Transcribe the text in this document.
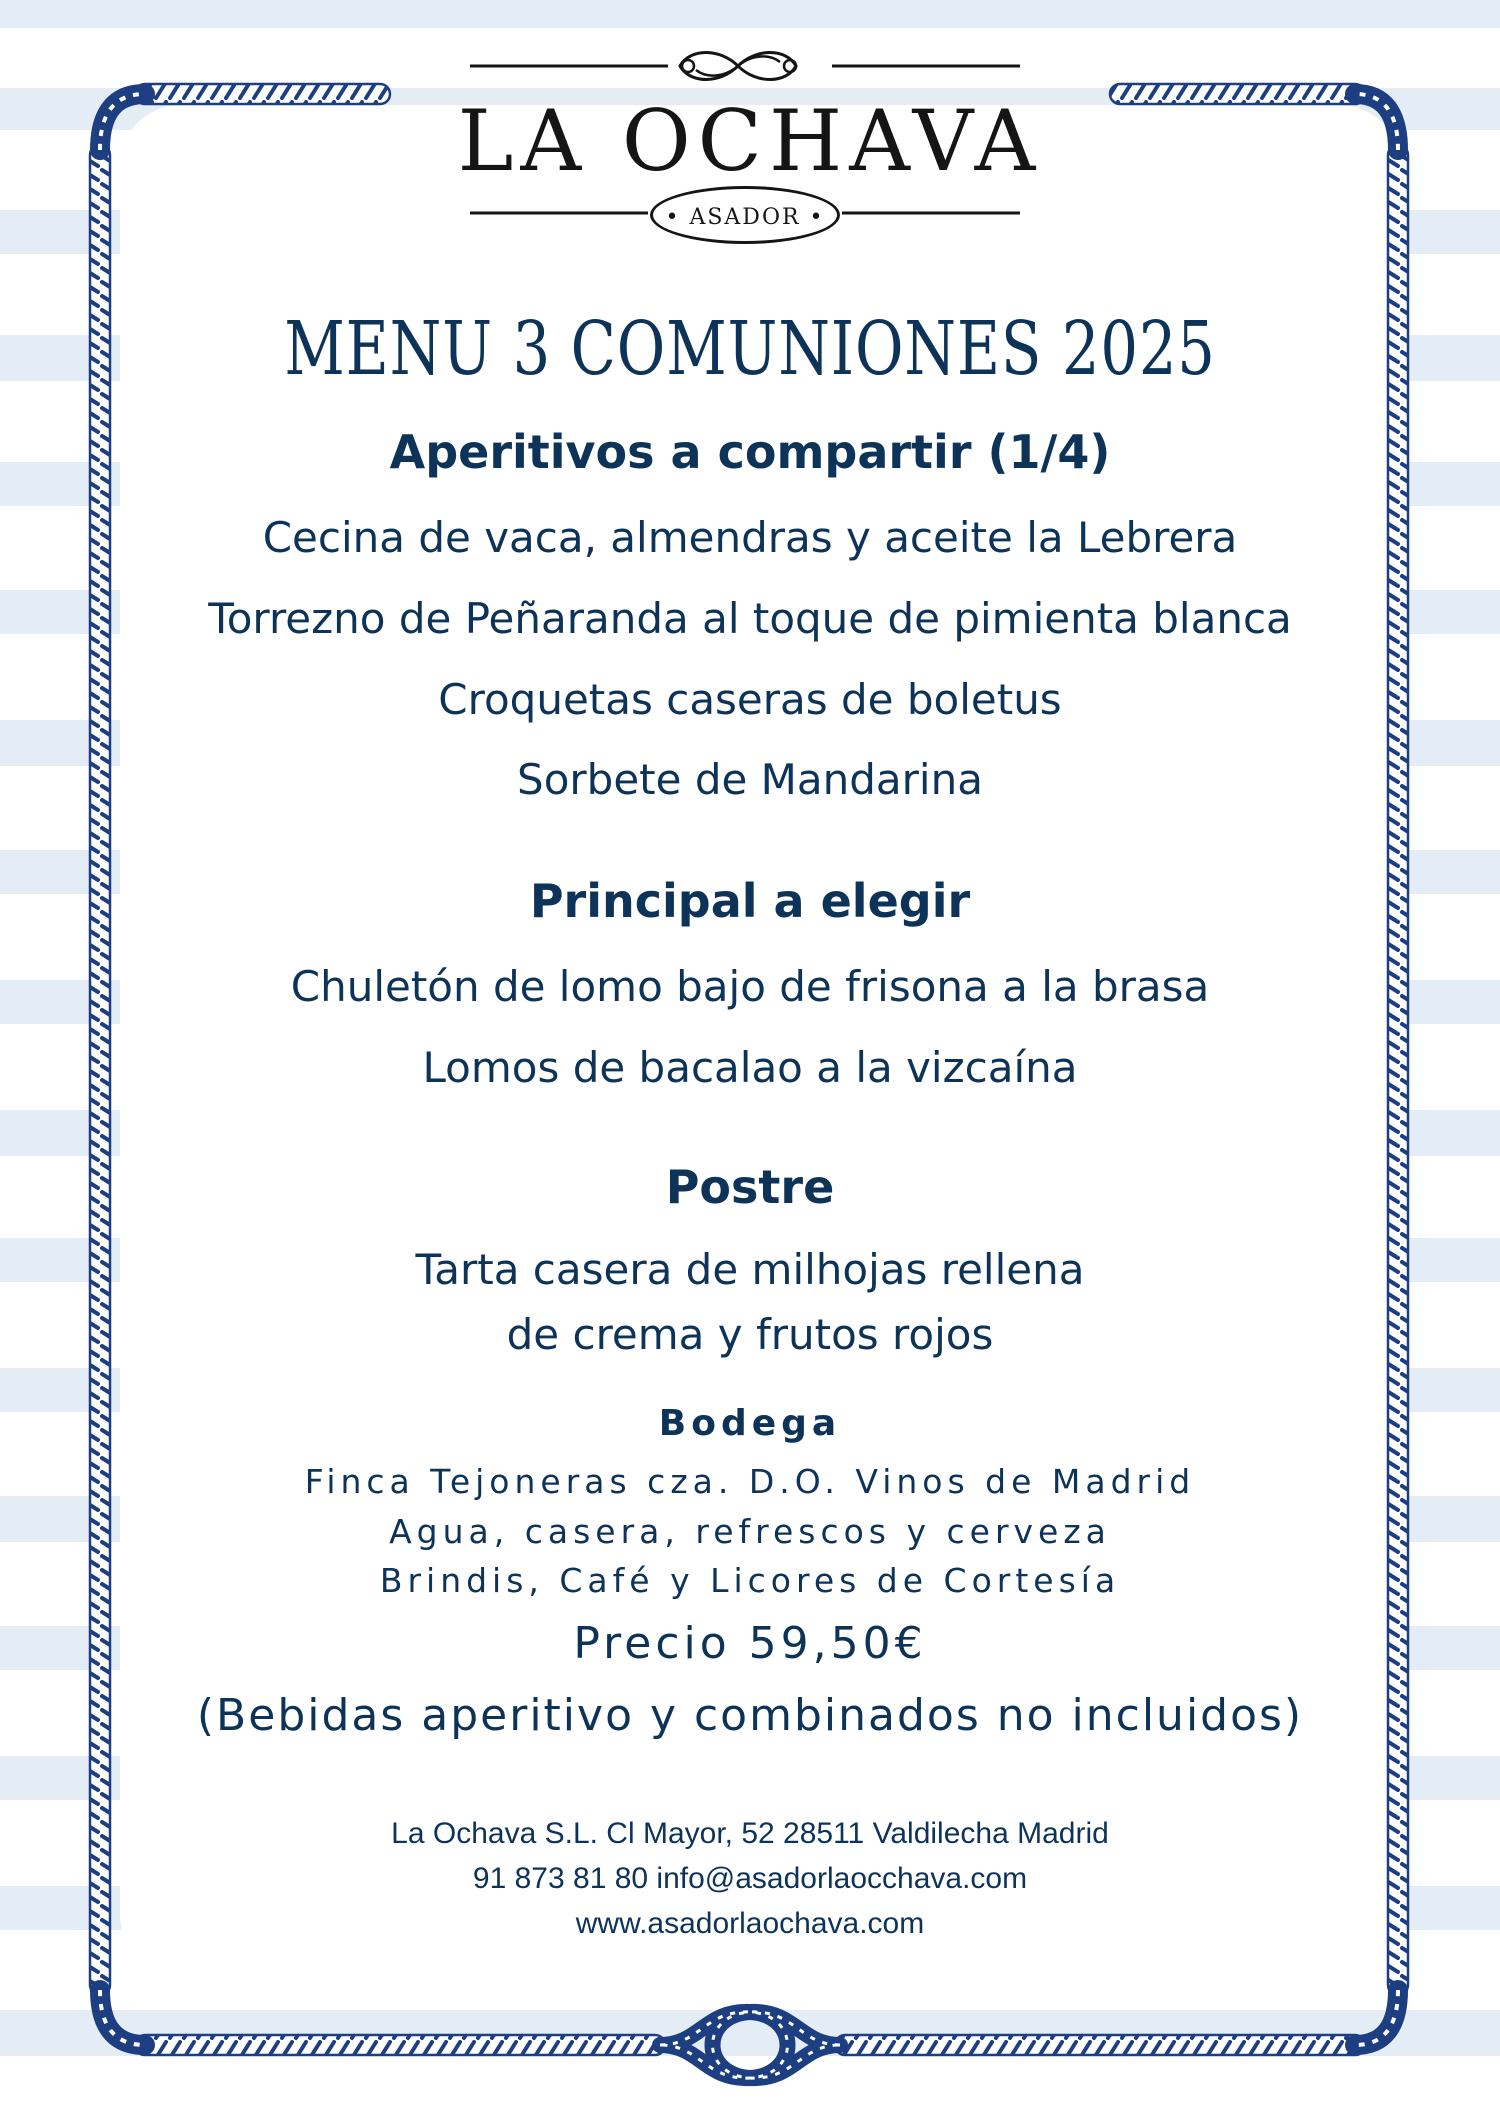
LA OCHAVA
• ASADOR •
MENU 3 COMUNIONES 2025
Aperitivos a compartir (1/4)
Cecina de vaca, almendras y aceite la Lebrera
Torrezno de Peñaranda al toque de pimienta blanca
Croquetas caseras de boletus
Sorbete de Mandarina
Principal a elegir
Chuletón de lomo bajo de frisona a la brasa
Lomos de bacalao a la vizcaína
Postre
Tarta casera de milhojas rellena
de crema y frutos rojos
Bodega
Finca Tejoneras cza. D.O. Vinos de Madrid
Agua, casera, refrescos y cerveza
Brindis, Café y Licores de Cortesía
Precio 59,50€
(Bebidas aperitivo y combinados no incluidos)
La Ochava S.L. Cl Mayor, 52 28511 Valdilecha Madrid
91 873 81 80 info@asadorlaocchava.com
www.asadorlaochava.com
